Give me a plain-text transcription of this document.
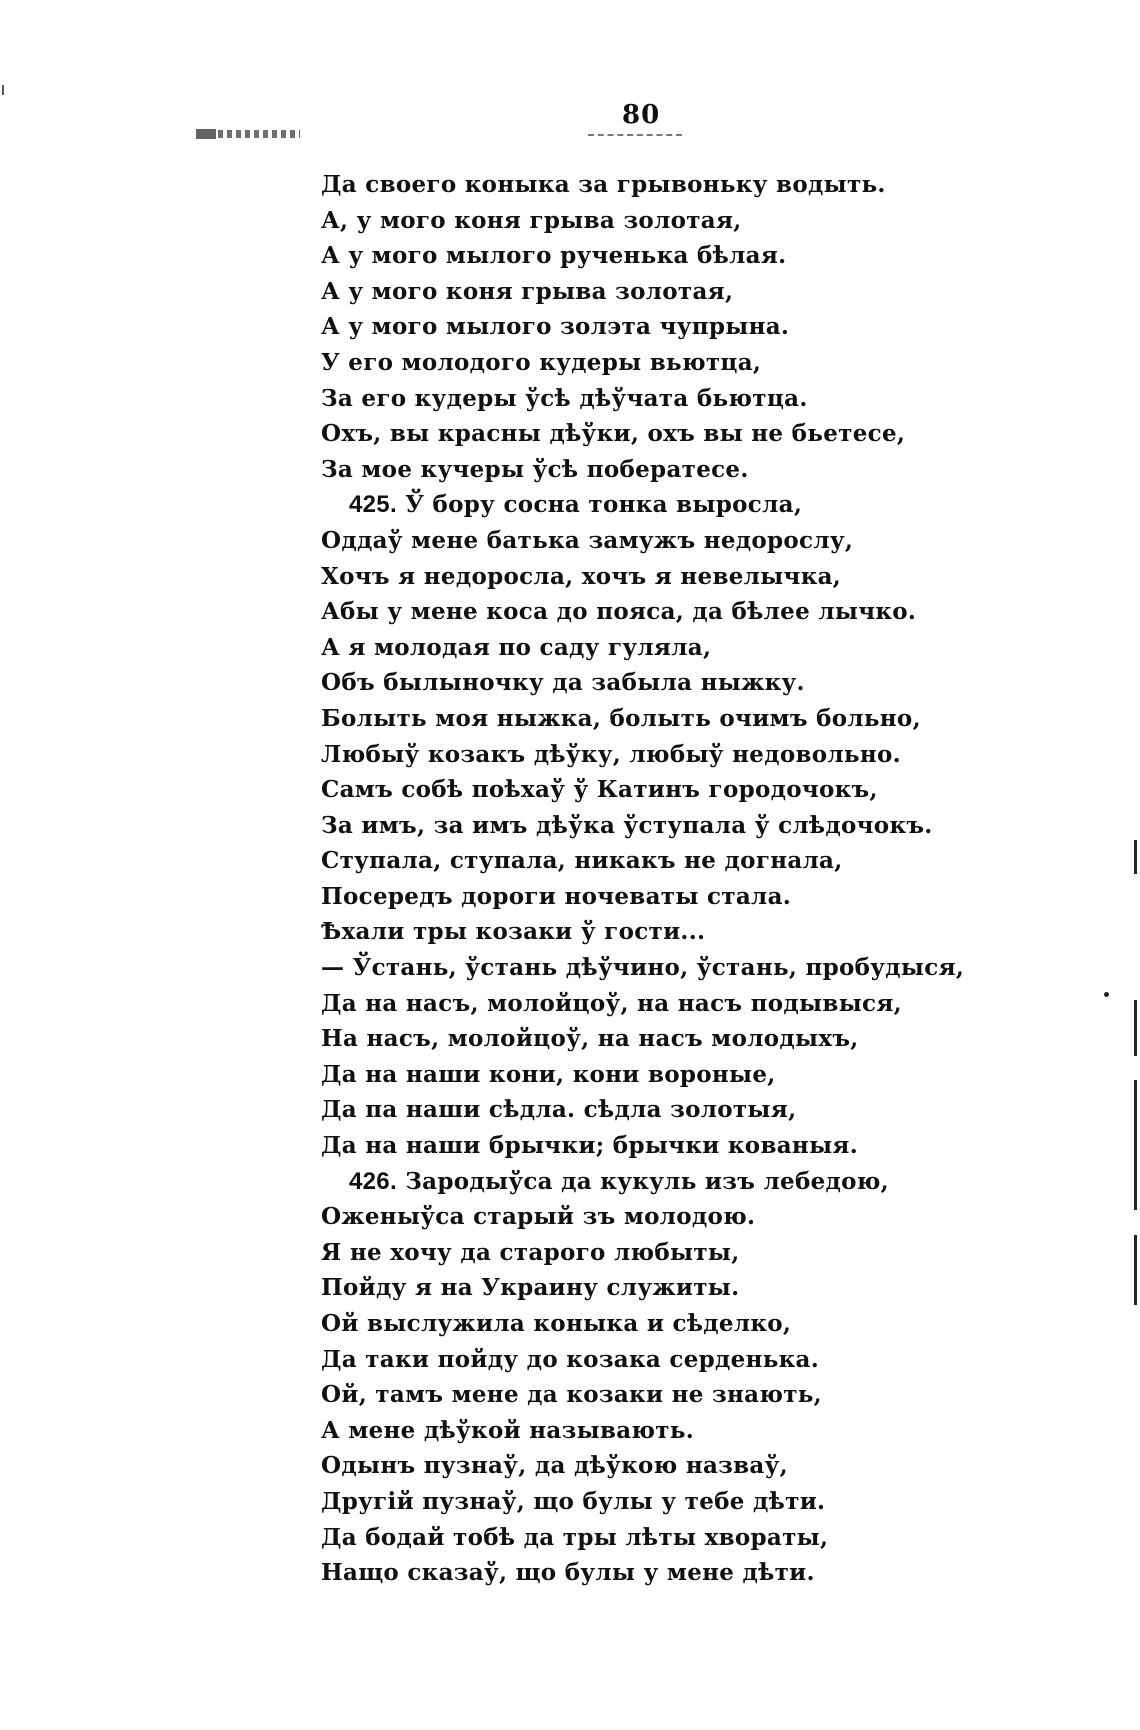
80
Да своего коныка за грывоньку водыть.
А, у мого коня грыва золотая,
А у мого мылого рученька бѣлая.
А у мого коня грыва золотая,
А у мого мылого золэта чупрына.
У его молодого кудеры вьютца,
За его кудеры ўсѣ дѣўчата бьютца.
Охъ, вы красны дѣўки, охъ вы не бьетесе,
За мое кучеры ўсѣ побератесе.
425. Ў бору сосна тонка выросла,
Оддаў мене батька замужъ недорослу,
Хочъ я недоросла, хочъ я невелычка,
Абы у мене коса до пояса, да бѣлее лычко.
А я молодая по саду гуляла,
Объ былыночку да забыла ныжку.
Болыть моя ныжка, болыть очимъ больно,
Любыў козакъ дѣўку, любыў недовольно.
Самъ собѣ поѣхаў ў Катинъ городочокъ,
За имъ, за имъ дѣўка ўступала ў слѣдочокъ.
Ступала, ступала, никакъ не догнала,
Посередъ дороги ночеваты стала.
Ѣхали тры козаки ў гости...
— Ўстань, ўстань дѣўчино, ўстань, пробудыся,
Да на насъ, молойцоў, на насъ подывыся,
На насъ, молойцоў, на насъ молодыхъ,
Да на наши кони, кони вороные,
Да па наши сѣдла. сѣдла золотыя,
Да на наши брычки; брычки кованыя.
426. Зародыўса да кукуль изъ лебедою,
Оженыўса старый зъ молодою.
Я не хочу да старого любыты,
Пойду я на Украину служиты.
Ой выслужила коныка и сѣделко,
Да таки пойду до козака серденька.
Ой, тамъ мене да козаки не знають,
А мене дѣўкой называють.
Одынъ пузнаў, да дѣўкою назваў,
Другій пузнаў, що булы у тебе дѣти.
Да бодай тобѣ да тры лѣты хвораты,
Нащо сказаў, що булы у мене дѣти.
